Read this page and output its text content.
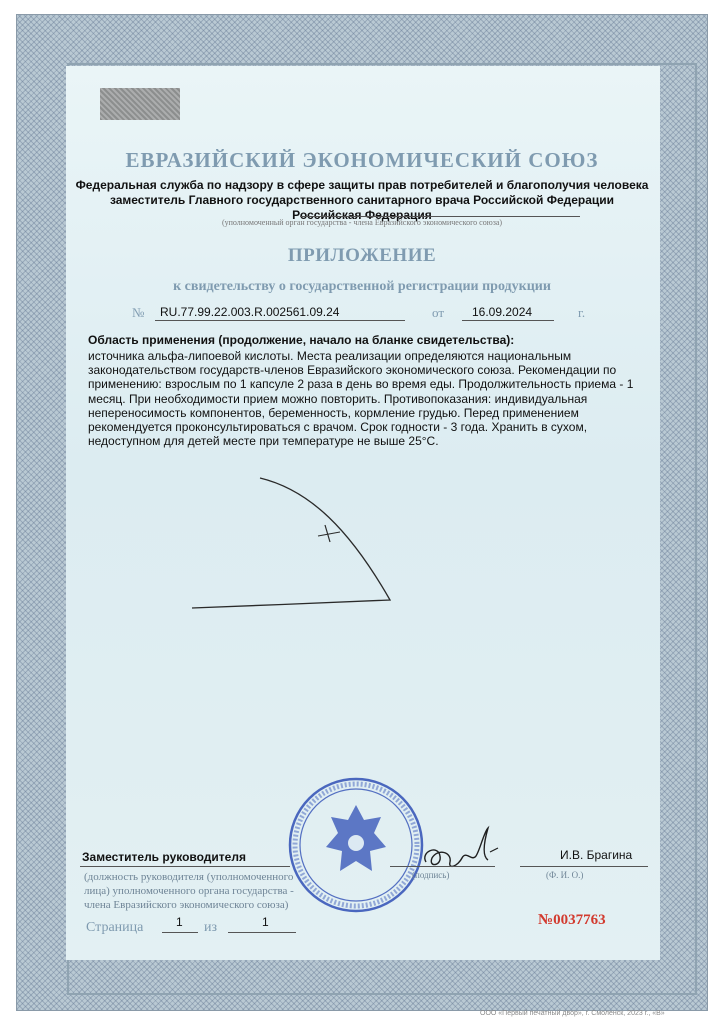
ЕВРАЗИЙСКИЙ ЭКОНОМИЧЕСКИЙ СОЮЗ
Федеральная служба по надзору в сфере защиты прав потребителей и благополучия человека
заместитель Главного государственного санитарного врача Российской Федерации
Российская Федерация
(уполномоченный орган государства - члена Евразийского экономического союза)
ПРИЛОЖЕНИЕ
к свидетельству о государственной регистрации продукции
№ RU.77.99.22.003.R.002561.09.24	от 16.09.2024	г.
Область применения (продолжение, начало на бланке свидетельства):
источника альфа-липоевой кислоты. Места реализации определяются национальным
законодательством государств-членов Евразийского экономического союза. Рекомендации по
применению: взрослым по 1 капсуле 2 раза в день во время еды. Продолжительность приема - 1
месяц. При необходимости прием можно повторить. Противопоказания: индивидуальная
непереносимость компонентов, беременность, кормление грудью. Перед применением
рекомендуется проконсультироваться с врачом. Срок годности - 3 года. Хранить в сухом,
недоступном для детей месте при температуре не выше 25°С.
Заместитель руководителя
(должность руководителя (уполномоченного
лица) уполномоченного органа государства -
члена Евразийского экономического союза)
(подпись)
И.В. Брагина
(Ф. И. О.)
Страница	1 из	1	№0037763
ООО «Первый печатный двор», г. Смоленск, 2023 г., «В»
